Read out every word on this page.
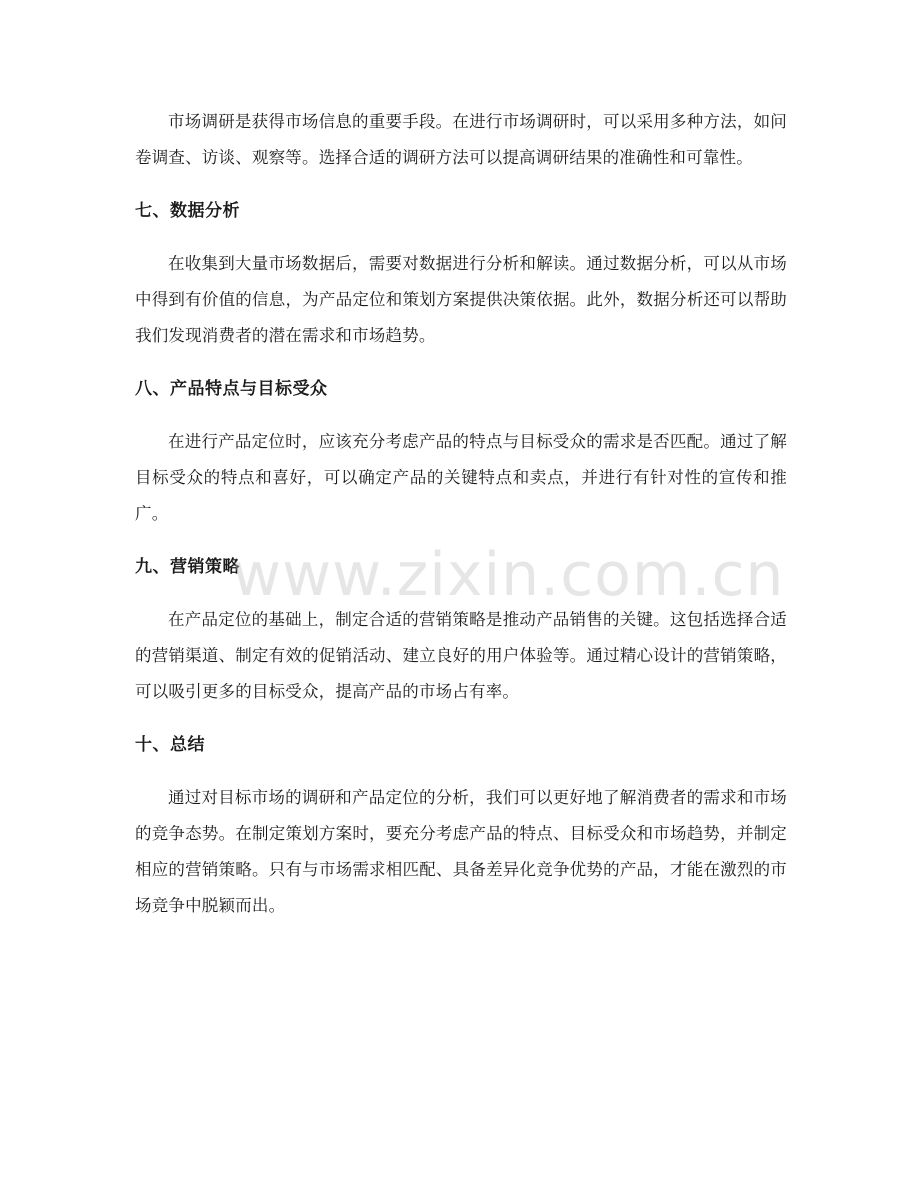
市场调研是获得市场信息的重要手段。在进行市场调研时，可以采用多种方法，如问卷调查、访谈、观察等。选择合适的调研方法可以提高调研结果的准确性和可靠性。

七、数据分析

在收集到大量市场数据后，需要对数据进行分析和解读。通过数据分析，可以从市场中得到有价值的信息，为产品定位和策划方案提供决策依据。此外，数据分析还可以帮助我们发现消费者的潜在需求和市场趋势。

八、产品特点与目标受众

在进行产品定位时，应该充分考虑产品的特点与目标受众的需求是否匹配。通过了解目标受众的特点和喜好，可以确定产品的关键特点和卖点，并进行有针对性的宣传和推广。

九、营销策略

在产品定位的基础上，制定合适的营销策略是推动产品销售的关键。这包括选择合适的营销渠道、制定有效的促销活动、建立良好的用户体验等。通过精心设计的营销策略，可以吸引更多的目标受众，提高产品的市场占有率。

十、总结

通过对目标市场的调研和产品定位的分析，我们可以更好地了解消费者的需求和市场的竞争态势。在制定策划方案时，要充分考虑产品的特点、目标受众和市场趋势，并制定相应的营销策略。只有与市场需求相匹配、具备差异化竞争优势的产品，才能在激烈的市场竞争中脱颖而出。

www.zixin.com.cn
